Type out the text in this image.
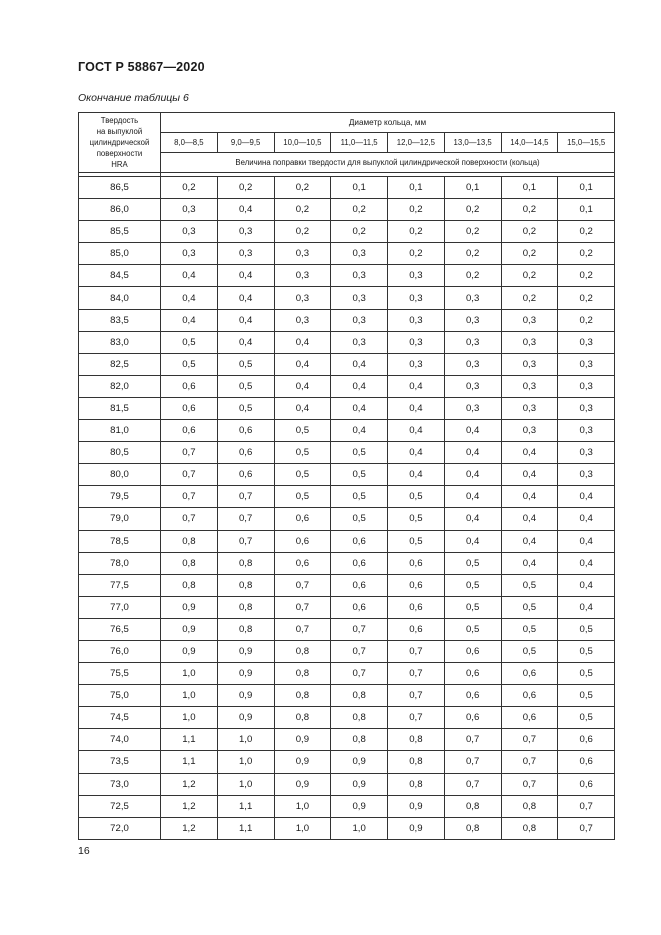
ГОСТ Р 58867—2020
Окончание таблицы 6
Твердость
на выпуклой
цилиндрической
поверхности
HRA	Диаметр кольца, мм							
	8,0—8,5	9,0—9,5	10,0—10,5	11,0—11,5	12,0—12,5	13,0—13,5	14,0—14,5	15,0—15,5
	Величина поправки твердости для выпуклой цилиндрической поверхности (кольца)							

86,5	0,2	0,2	0,2	0,1	0,1	0,1	0,1	0,1
86,0	0,3	0,4	0,2	0,2	0,2	0,2	0,2	0,1
85,5	0,3	0,3	0,2	0,2	0,2	0,2	0,2	0,2
85,0	0,3	0,3	0,3	0,3	0,2	0,2	0,2	0,2
84,5	0,4	0,4	0,3	0,3	0,3	0,2	0,2	0,2
84,0	0,4	0,4	0,3	0,3	0,3	0,3	0,2	0,2
83,5	0,4	0,4	0,3	0,3	0,3	0,3	0,3	0,2
83,0	0,5	0,4	0,4	0,3	0,3	0,3	0,3	0,3
82,5	0,5	0,5	0,4	0,4	0,3	0,3	0,3	0,3
82,0	0,6	0,5	0,4	0,4	0,4	0,3	0,3	0,3
81,5	0,6	0,5	0,4	0,4	0,4	0,3	0,3	0,3
81,0	0,6	0,6	0,5	0,4	0,4	0,4	0,3	0,3
80,5	0,7	0,6	0,5	0,5	0,4	0,4	0,4	0,3
80,0	0,7	0,6	0,5	0,5	0,4	0,4	0,4	0,3
79,5	0,7	0,7	0,5	0,5	0,5	0,4	0,4	0,4
79,0	0,7	0,7	0,6	0,5	0,5	0,4	0,4	0,4
78,5	0,8	0,7	0,6	0,6	0,5	0,4	0,4	0,4
78,0	0,8	0,8	0,6	0,6	0,6	0,5	0,4	0,4
77,5	0,8	0,8	0,7	0,6	0,6	0,5	0,5	0,4
77,0	0,9	0,8	0,7	0,6	0,6	0,5	0,5	0,4
76,5	0,9	0,8	0,7	0,7	0,6	0,5	0,5	0,5
76,0	0,9	0,9	0,8	0,7	0,7	0,6	0,5	0,5
75,5	1,0	0,9	0,8	0,7	0,7	0,6	0,6	0,5
75,0	1,0	0,9	0,8	0,8	0,7	0,6	0,6	0,5
74,5	1,0	0,9	0,8	0,8	0,7	0,6	0,6	0,5
74,0	1,1	1,0	0,9	0,8	0,8	0,7	0,7	0,6
73,5	1,1	1,0	0,9	0,9	0,8	0,7	0,7	0,6
73,0	1,2	1,0	0,9	0,9	0,8	0,7	0,7	0,6
72,5	1,2	1,1	1,0	0,9	0,9	0,8	0,8	0,7
72,0	1,2	1,1	1,0	1,0	0,9	0,8	0,8	0,7
16
